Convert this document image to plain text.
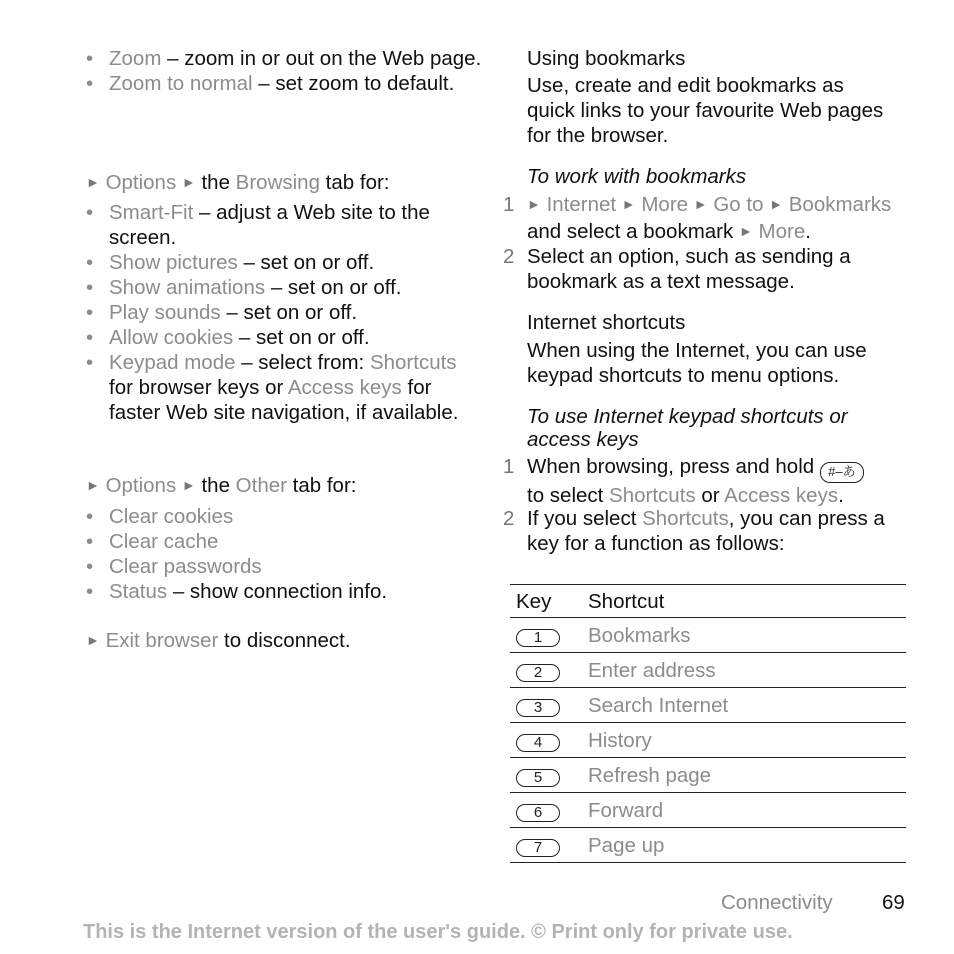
• Zoom – zoom in or out on the Web page.
• Zoom to normal – set zoom to default.
► Options ► the Browsing tab for:
• Smart-Fit – adjust a Web site to the screen.
• Show pictures – set on or off.
• Show animations – set on or off.
• Play sounds – set on or off.
• Allow cookies – set on or off.
• Keypad mode – select from: Shortcuts for browser keys or Access keys for faster Web site navigation, if available.
► Options ► the Other tab for:
• Clear cookies
• Clear cache
• Clear passwords
• Status – show connection info.
► Exit browser to disconnect.
Using bookmarks
Use, create and edit bookmarks as quick links to your favourite Web pages for the browser.
To work with bookmarks
1 ► Internet ► More ► Go to ► Bookmarks
and select a bookmark ► More.
2 Select an option, such as sending a bookmark as a text message.
Internet shortcuts
When using the Internet, you can use keypad shortcuts to menu options.
To use Internet keypad shortcuts or access keys
1 When browsing, press and hold #–あ
to select Shortcuts or Access keys.
2 If you select Shortcuts, you can press a key for a function as follows:
Key	Shortcut
1	Bookmarks
2	Enter address
3	Search Internet
4	History
5	Refresh page
6	Forward
7	Page up
Connectivity 69
This is the Internet version of the user's guide. © Print only for private use.
